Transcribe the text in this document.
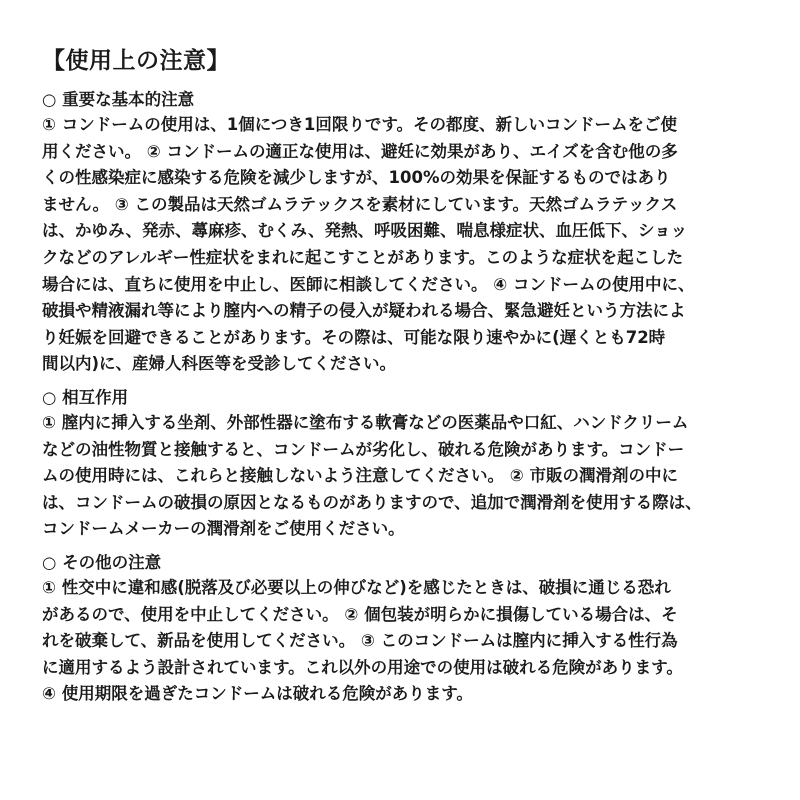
【使用上の注意】

○ 重要な基本的注意

① コンドームの使用は、1個につき1回限りです。その都度、新しいコンドームをご使
用ください。 ② コンドームの適正な使用は、避妊に効果があり、エイズを含む他の多
くの性感染症に感染する危険を減少しますが、100%の効果を保証するものではあり
ません。 ③ この製品は天然ゴムラテックスを素材にしています。天然ゴムラテックス
は、かゆみ、発赤、蕁麻疹、むくみ、発熱、呼吸困難、喘息様症状、血圧低下、ショッ
クなどのアレルギー性症状をまれに起こすことがあります。このような症状を起こした
場合には、直ちに使用を中止し、医師に相談してください。 ④ コンドームの使用中に、
破損や精液漏れ等により膣内への精子の侵入が疑われる場合、緊急避妊という方法によ
り妊娠を回避できることがあります。その際は、可能な限り速やかに(遅くとも72時
間以内)に、産婦人科医等を受診してください。

○ 相互作用

① 膣内に挿入する坐剤、外部性器に塗布する軟膏などの医薬品や口紅、ハンドクリーム
などの油性物質と接触すると、コンドームが劣化し、破れる危険があります。コンドー
ムの使用時には、これらと接触しないよう注意してください。 ② 市販の潤滑剤の中に
は、コンドームの破損の原因となるものがありますので、追加で潤滑剤を使用する際は、
コンドームメーカーの潤滑剤をご使用ください。

○ その他の注意

① 性交中に違和感(脱落及び必要以上の伸びなど)を感じたときは、破損に通じる恐れ
があるので、使用を中止してください。 ② 個包装が明らかに損傷している場合は、そ
れを破棄して、新品を使用してください。 ③ このコンドームは膣内に挿入する性行為
に適用するよう設計されています。これ以外の用途での使用は破れる危険があります。
④ 使用期限を過ぎたコンドームは破れる危険があります。
